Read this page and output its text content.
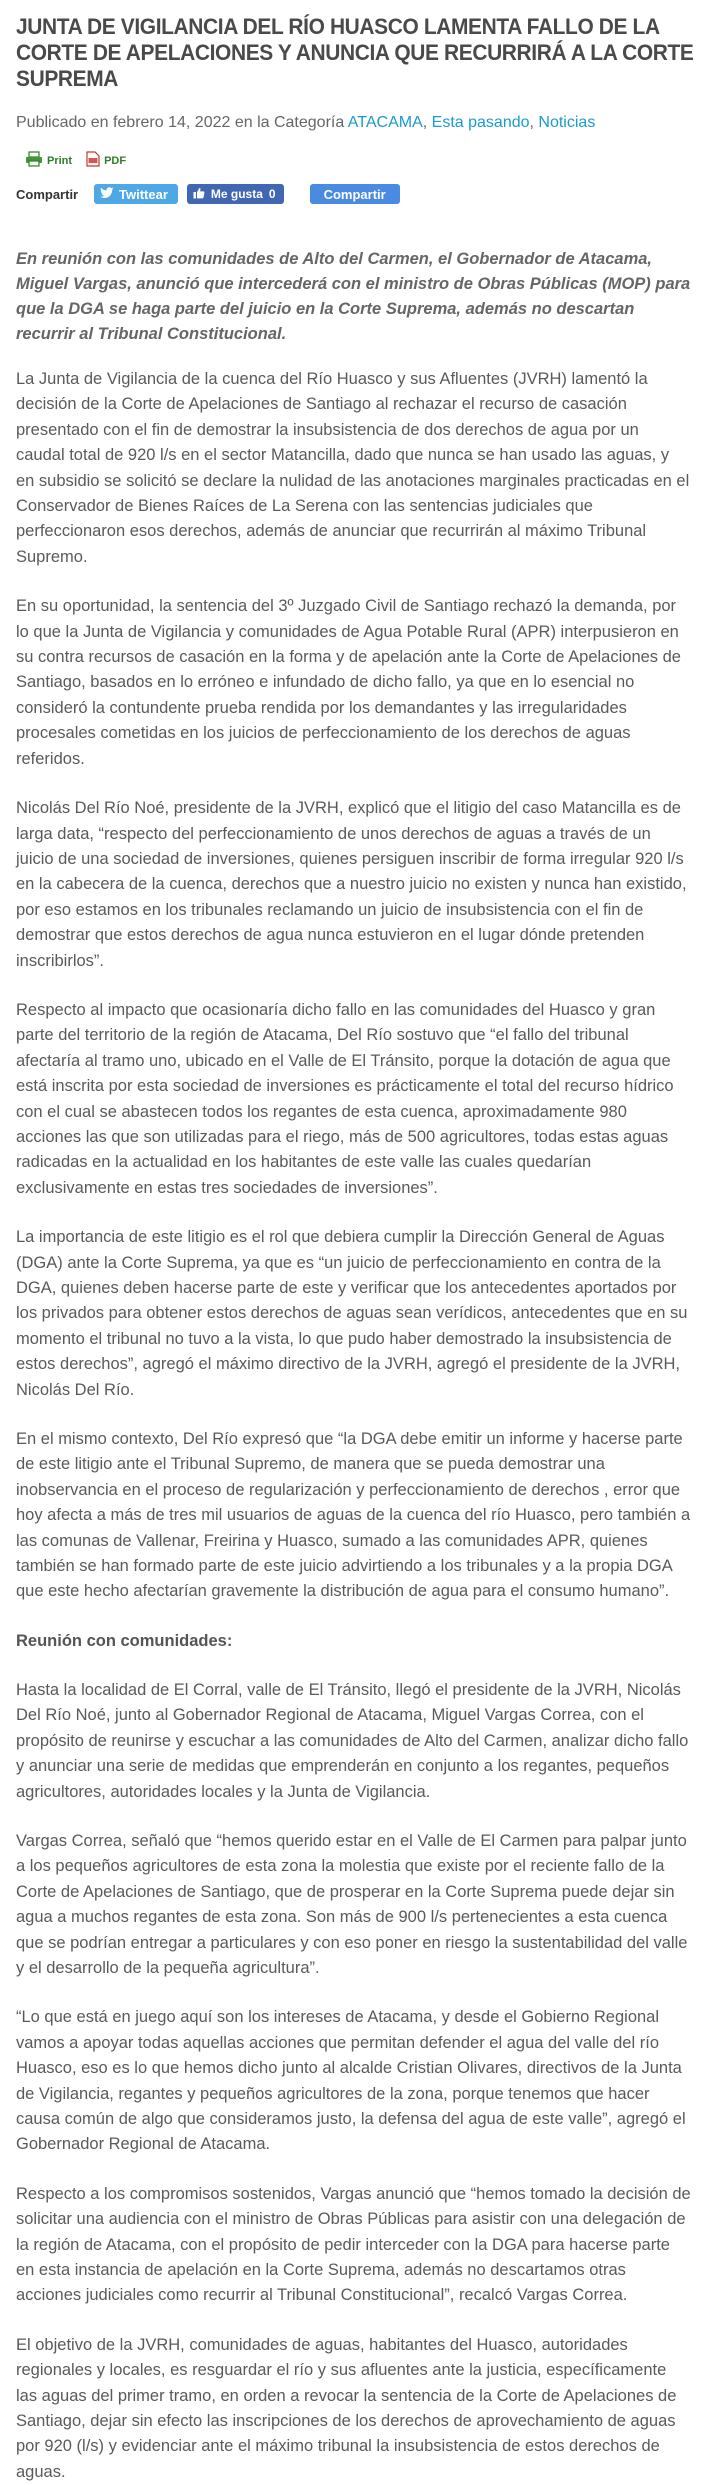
JUNTA DE VIGILANCIA DEL RÍO HUASCO LAMENTA FALLO DE LA CORTE DE APELACIONES Y ANUNCIA QUE RECURRIRÁ A LA CORTE SUPREMA
Publicado en febrero 14, 2022 en la Categoría ATACAMA, Esta pasando, Noticias
Print	PDF
Compartir	Twittear	Me gusta 0	Compartir

En reunión con las comunidades de Alto del Carmen, el Gobernador de Atacama, Miguel Vargas, anunció que intercederá con el ministro de Obras Públicas (MOP) para que la DGA se haga parte del juicio en la Corte Suprema, además no descartan recurrir al Tribunal Constitucional.

La Junta de Vigilancia de la cuenca del Río Huasco y sus Afluentes (JVRH) lamentó la decisión de la Corte de Apelaciones de Santiago al rechazar el recurso de casación presentado con el fin de demostrar la insubsistencia de dos derechos de agua por un caudal total de 920 l/s en el sector Matancilla, dado que nunca se han usado las aguas, y en subsidio se solicitó se declare la nulidad de las anotaciones marginales practicadas en el Conservador de Bienes Raíces de La Serena con las sentencias judiciales que perfeccionaron esos derechos, además de anunciar que recurrirán al máximo Tribunal Supremo.

En su oportunidad, la sentencia del 3º Juzgado Civil de Santiago rechazó la demanda, por lo que la Junta de Vigilancia y comunidades de Agua Potable Rural (APR) interpusieron en su contra recursos de casación en la forma y de apelación ante la Corte de Apelaciones de Santiago, basados en lo erróneo e infundado de dicho fallo, ya que en lo esencial no consideró la contundente prueba rendida por los demandantes y las irregularidades procesales cometidas en los juicios de perfeccionamiento de los derechos de aguas referidos.

Nicolás Del Río Noé, presidente de la JVRH, explicó que el litigio del caso Matancilla es de larga data, “respecto del perfeccionamiento de unos derechos de aguas a través de un juicio de una sociedad de inversiones, quienes persiguen inscribir de forma irregular 920 l/s en la cabecera de la cuenca, derechos que a nuestro juicio no existen y nunca han existido, por eso estamos en los tribunales reclamando un juicio de insubsistencia con el fin de demostrar que estos derechos de agua nunca estuvieron en el lugar dónde pretenden inscribirlos”.

Respecto al impacto que ocasionaría dicho fallo en las comunidades del Huasco y gran parte del territorio de la región de Atacama, Del Río sostuvo que “el fallo del tribunal afectaría al tramo uno, ubicado en el Valle de El Tránsito, porque la dotación de agua que está inscrita por esta sociedad de inversiones es prácticamente el total del recurso hídrico con el cual se abastecen todos los regantes de esta cuenca, aproximadamente 980 acciones las que son utilizadas para el riego, más de 500 agricultores, todas estas aguas radicadas en la actualidad en los habitantes de este valle las cuales quedarían exclusivamente en estas tres sociedades de inversiones”.

La importancia de este litigio es el rol que debiera cumplir la Dirección General de Aguas (DGA) ante la Corte Suprema, ya que es “un juicio de perfeccionamiento en contra de la DGA, quienes deben hacerse parte de este y verificar que los antecedentes aportados por los privados para obtener estos derechos de aguas sean verídicos, antecedentes que en su momento el tribunal no tuvo a la vista, lo que pudo haber demostrado la insubsistencia de estos derechos”, agregó el máximo directivo de la JVRH, agregó el presidente de la JVRH, Nicolás Del Río.

En el mismo contexto, Del Río expresó que “la DGA debe emitir un informe y hacerse parte de este litigio ante el Tribunal Supremo, de manera que se pueda demostrar una inobservancia en el proceso de regularización y perfeccionamiento de derechos , error que hoy afecta a más de tres mil usuarios de aguas de la cuenca del río Huasco, pero también a las comunas de Vallenar, Freirina y Huasco, sumado a las comunidades APR, quienes también se han formado parte de este juicio advirtiendo a los tribunales y a la propia DGA que este hecho afectarían gravemente la distribución de agua para el consumo humano”.

Reunión con comunidades:

Hasta la localidad de El Corral, valle de El Tránsito, llegó el presidente de la JVRH, Nicolás Del Río Noé, junto al Gobernador Regional de Atacama, Miguel Vargas Correa, con el propósito de reunirse y escuchar a las comunidades de Alto del Carmen, analizar dicho fallo y anunciar una serie de medidas que emprenderán en conjunto a los regantes, pequeños agricultores, autoridades locales y la Junta de Vigilancia.

Vargas Correa, señaló que “hemos querido estar en el Valle de El Carmen para palpar junto a los pequeños agricultores de esta zona la molestia que existe por el reciente fallo de la Corte de Apelaciones de Santiago, que de prosperar en la Corte Suprema puede dejar sin agua a muchos regantes de esta zona. Son más de 900 l/s pertenecientes a esta cuenca que se podrían entregar a particulares y con eso poner en riesgo la sustentabilidad del valle y el desarrollo de la pequeña agricultura”.

“Lo que está en juego aquí son los intereses de Atacama, y desde el Gobierno Regional vamos a apoyar todas aquellas acciones que permitan defender el agua del valle del río Huasco, eso es lo que hemos dicho junto al alcalde Cristian Olivares, directivos de la Junta de Vigilancia, regantes y pequeños agricultores de la zona, porque tenemos que hacer causa común de algo que consideramos justo, la defensa del agua de este valle”, agregó el Gobernador Regional de Atacama.

Respecto a los compromisos sostenidos, Vargas anunció que “hemos tomado la decisión de solicitar una audiencia con el ministro de Obras Públicas para asistir con una delegación de la región de Atacama, con el propósito de pedir interceder con la DGA para hacerse parte en esta instancia de apelación en la Corte Suprema, además no descartamos otras acciones judiciales como recurrir al Tribunal Constitucional”, recalcó Vargas Correa.

El objetivo de la JVRH, comunidades de aguas, habitantes del Huasco, autoridades regionales y locales, es resguardar el río y sus afluentes ante la justicia, específicamente las aguas del primer tramo, en orden a revocar la sentencia de la Corte de Apelaciones de Santiago, dejar sin efecto las inscripciones de los derechos de aprovechamiento de aguas por 920 (l/s) y evidenciar ante el máximo tribunal la insubsistencia de estos derechos de aguas.
